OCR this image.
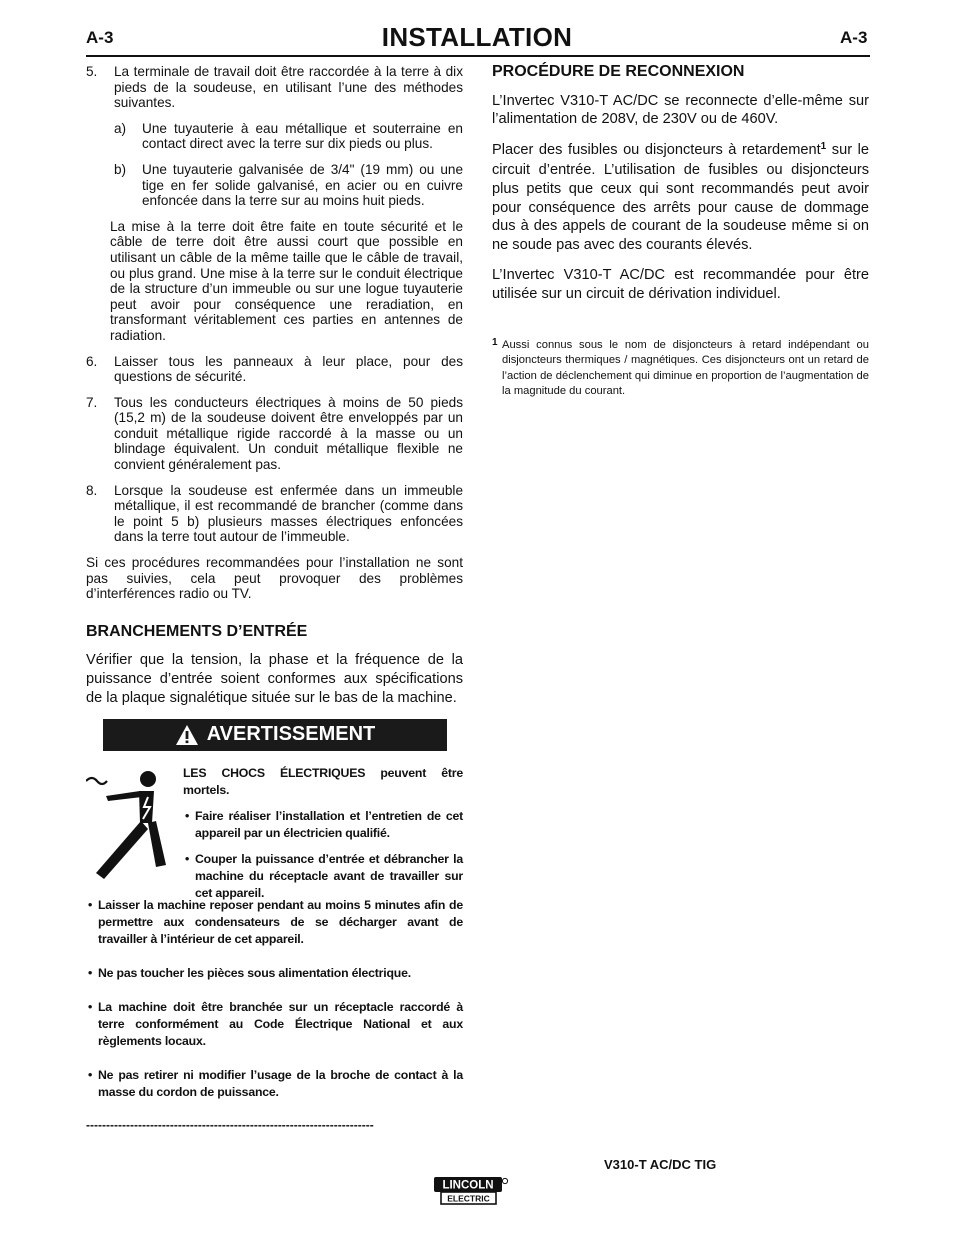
A-3	INSTALLATION	A-3
5. La terminale de travail doit être raccordée à la terre à dix pieds de la soudeuse, en utilisant l’une des méthodes suivantes.
a) Une tuyauterie à eau métallique et souterraine en contact direct avec la terre sur dix pieds ou plus.
b) Une tuyauterie galvanisée de 3/4" (19 mm) ou une tige en fer solide galvanisé, en acier ou en cuivre enfoncée dans la terre sur au moins huit pieds.
La mise à la terre doit être faite en toute sécurité et le câble de terre doit être aussi court que possible en utilisant un câble de la même taille que le câble de travail, ou plus grand. Une mise à la terre sur le conduit électrique de la structure d’un immeuble ou sur une logue tuyauterie peut avoir pour conséquence une reradiation, en transformant véritablement ces parties en antennes de radiation.
6. Laisser tous les panneaux à leur place, pour des questions de sécurité.
7. Tous les conducteurs électriques à moins de 50 pieds (15,2 m) de la soudeuse doivent être enveloppés par un conduit métallique rigide raccordé à la masse ou un blindage équivalent. Un conduit métallique flexible ne convient généralement pas.
8. Lorsque la soudeuse est enfermée dans un immeuble métallique, il est recommandé de brancher (comme dans le point 5 b) plusieurs masses électriques enfoncées dans la terre tout autour de l’immeuble.
Si ces procédures recommandées pour l’installation ne sont pas suivies, cela peut provoquer des problèmes d’interférences radio ou TV.
BRANCHEMENTS D’ENTRÉE
Vérifier que la tension, la phase et la fréquence de la puissance d’entrée soient conformes aux spécifications de la plaque signalétique située sur le bas de la machine.
AVERTISSEMENT
LES CHOCS ÉLECTRIQUES peuvent être mortels.
• Faire réaliser l’installation et l’entretien de cet appareil par un électricien qualifié.
• Couper la puissance d’entrée et débrancher la machine du réceptacle avant de travailler sur cet appareil.
• Laisser la machine reposer pendant au moins 5 minutes afin de permettre aux condensateurs de se décharger avant de travailler à l’intérieur de cet appareil.
• Ne pas toucher les pièces sous alimentation électrique.
• La machine doit être branchée sur un réceptacle raccordé à terre conformément au Code Électrique National et aux règlements locaux.
• Ne pas retirer ni modifier l’usage de la broche de contact à la masse du cordon de puissance.
------------------------------------------------------------------------
PROCÉDURE DE RECONNEXION
L’Invertec V310-T AC/DC se reconnecte d’elle-même sur l’alimentation de 208V, de 230V ou de 460V.
Placer des fusibles ou disjoncteurs à retardement$^1$ sur le circuit d’entrée. L’utilisation de fusibles ou disjoncteurs plus petits que ceux qui sont recommandés peut avoir pour conséquence des arrêts pour cause de dommage dus à des appels de courant de la soudeuse même si on ne soude pas avec des courants élevés.
L’Invertec V310-T AC/DC est recommandée pour être utilisée sur un circuit de dérivation individuel.
1 Aussi connus sous le nom de disjoncteurs à retard indépendant ou disjoncteurs thermiques / magnétiques. Ces disjoncteurs ont un retard de l’action de déclenchement qui diminue en proportion de l’augmentation de la magnitude du courant.
V310-T AC/DC TIG
LINCOLN
ELECTRIC
